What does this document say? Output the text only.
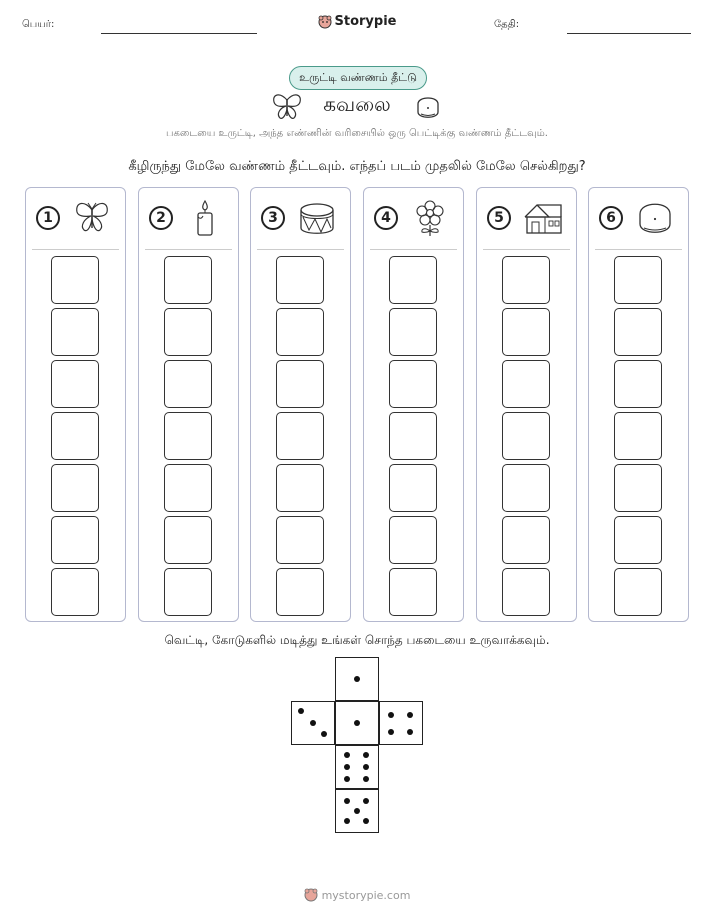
பெயர்:	Storypie	தேதி:
உருட்டி வண்ணம் தீட்டு
கவலை
பகடையை உருட்டி, அந்த எண்ணின் வரிசையில் ஒரு பெட்டிக்கு வண்ணம் தீட்டவும்.
கீழிருந்து மேலே வண்ணம் தீட்டவும். எந்தப் படம் முதலில் மேலே செல்கிறது?
1	2	3	4	5	6
வெட்டி, கோடுகளில் மடித்து உங்கள் சொந்த பகடையை உருவாக்கவும்.
mystorypie.com
